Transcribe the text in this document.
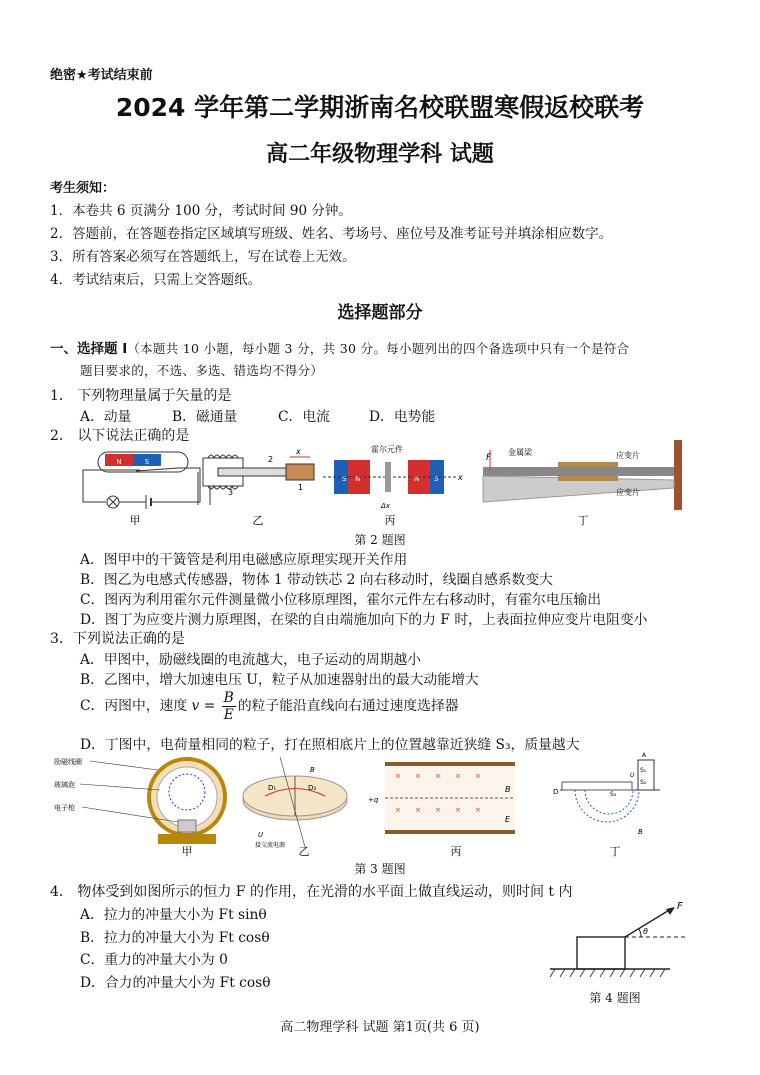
绝密★考试结束前
2024 学年第二学期浙南名校联盟寒假返校联考
高二年级物理学科 试题
考生须知：
1．本卷共 6 页满分 100 分，考试时间 90 分钟。
2．答题前，在答题卷指定区域填写班级、姓名、考场号、座位号及准考证号并填涂相应数字。
3．所有答案必须写在答题纸上，写在试卷上无效。
4．考试结束后，只需上交答题纸。
选择题部分
一、选择题 I（本题共 10 小题，每小题 3 分，共 30 分。每小题列出的四个备选项中只有一个是符合
题目要求的，不选、多选、错选均不得分）
1． 下列物理量属于矢量的是
A．动量	B．磁通量	C．电流	D．电势能
2． 以下说法正确的是
N	S	2
1
3
x
S N	N S
霍尔元件
Δx
x
F
金属梁	应变片
应变片
甲	乙	丙	丁
第 2 题图
A．图甲中的干簧管是利用电磁感应原理实现开关作用
B．图乙为电感式传感器，物体 1 带动铁芯 2 向右移动时，线圈自感系数变大
C．图丙为利用霍尔元件测量微小位移原理图，霍尔元件左右移动时，有霍尔电压输出
D．图丁为应变片测力原理图，在梁的自由端施加向下的力 F 时，上表面拉伸应变片电阻变小
3．下列说法正确的是
A．甲图中，励磁线圈的电流越大，电子运动的周期越小
B．乙图中，增大加速电压 U，粒子从加速器射出的最大动能增大
C．丙图中，速度 $v = \frac{B}{E}$ 的粒子能沿直线向右通过速度选择器
D．丁图中，电荷量相同的粒子，打在照相底片上的位置越靠近狭缝 S₃，质量越大
励磁线圈
玻璃泡
电子枪
D₁	D₂
U
接交流电源
B
+q
B
E
× × × × ×
× × × × ×
D
S₁
S₂
S₃
A
U
B
甲	乙	丙	丁
第 3 题图
4． 物体受到如图所示的恒力 F 的作用，在光滑的水平面上做直线运动，则时间 t 内
A．拉力的冲量大小为 Ft sinθ
B．拉力的冲量大小为 Ft cosθ
C．重力的冲量大小为 0
D．合力的冲量大小为 Ft cosθ
F
θ
第 4 题图
高二物理学科 试题 第1页(共 6 页)
